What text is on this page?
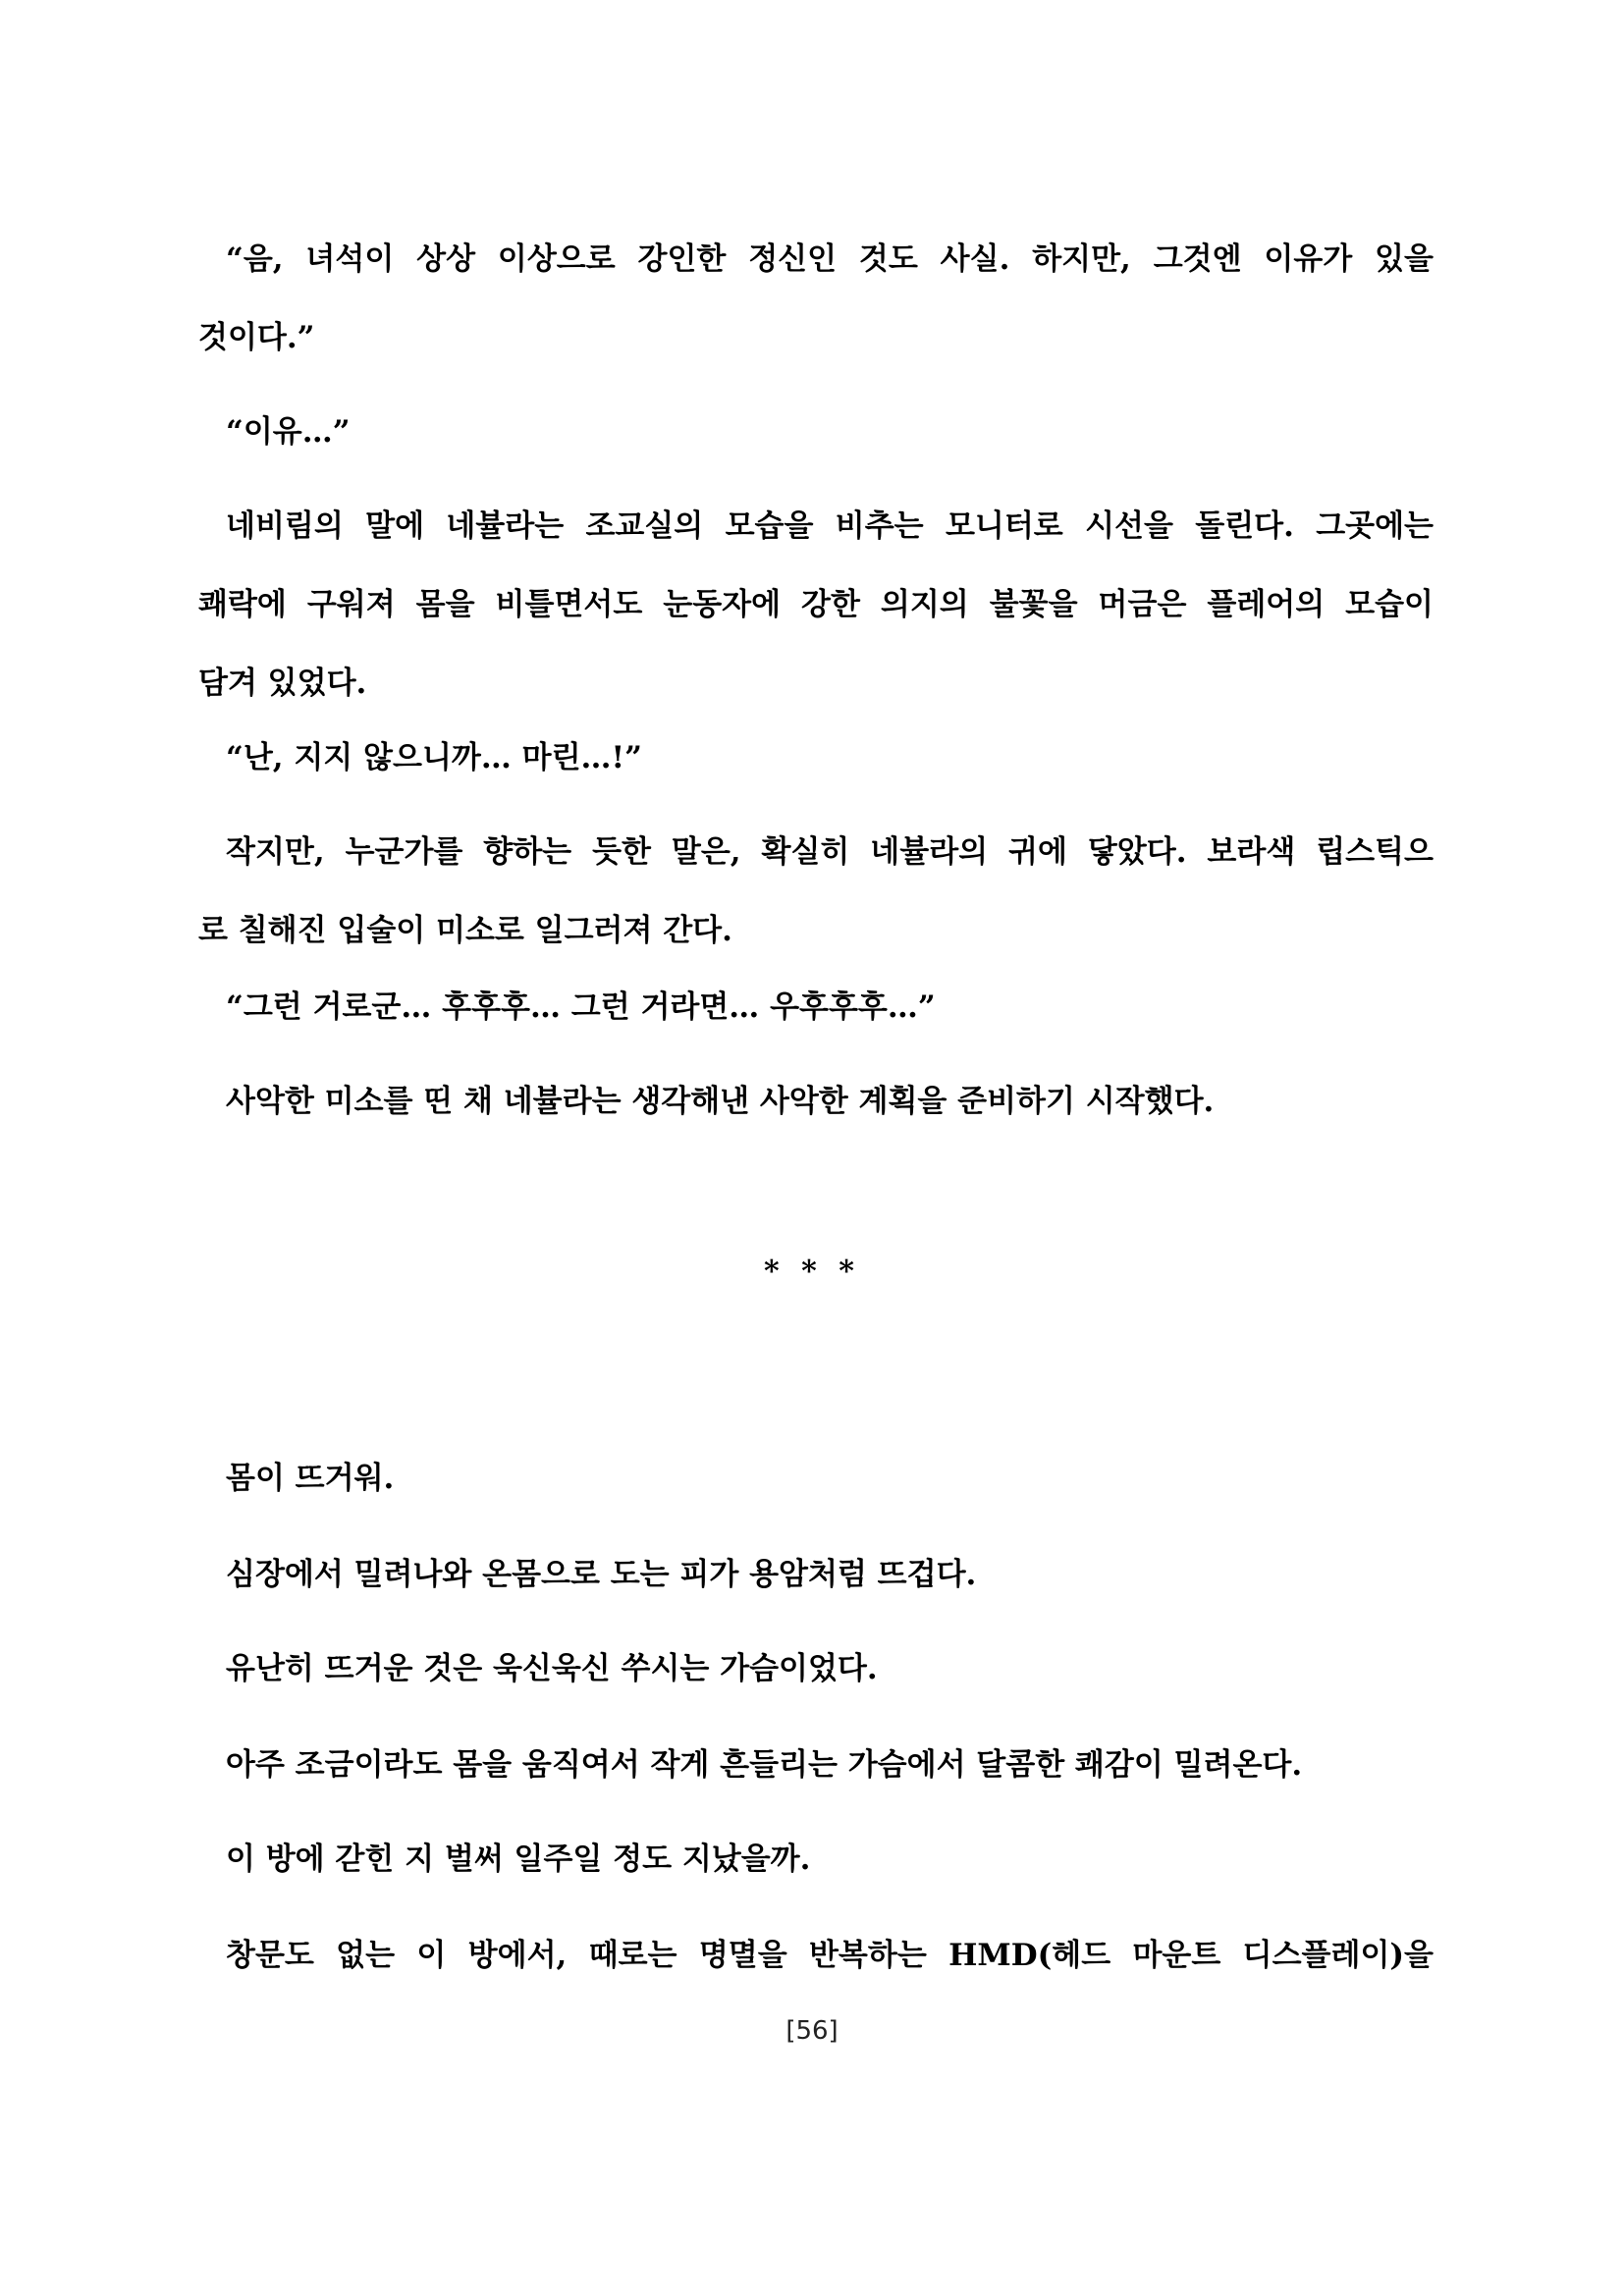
“음, 녀석이 상상 이상으로 강인한 정신인 것도 사실. 하지만, 그것엔 이유가 있을
것이다.”

“이유…”

네비림의 말에 네뷸라는 조교실의 모습을 비추는 모니터로 시선을 돌린다. 그곳에는
쾌락에 구워져 몸을 비틀면서도 눈동자에 강한 의지의 불꽃을 머금은 플레어의 모습이
담겨 있었다.

“난, 지지 않으니까… 마린…!”

작지만, 누군가를 향하는 듯한 말은, 확실히 네뷸라의 귀에 닿았다. 보라색 립스틱으
로 칠해진 입술이 미소로 일그러져 간다.

“그런 거로군… 후후후… 그런 거라면… 우후후후…”

사악한 미소를 띤 채 네뷸라는 생각해낸 사악한 계획을 준비하기 시작했다.

* * *

몸이 뜨거워.

심장에서 밀려나와 온몸으로 도는 피가 용암처럼 뜨겁다.

유난히 뜨거운 것은 욱신욱신 쑤시는 가슴이었다.

아주 조금이라도 몸을 움직여서 작게 흔들리는 가슴에서 달콤한 쾌감이 밀려온다.

이 방에 갇힌 지 벌써 일주일 정도 지났을까.

창문도 없는 이 방에서, 때로는 명멸을 반복하는 HMD(헤드 마운트 디스플레이)을

[56]
